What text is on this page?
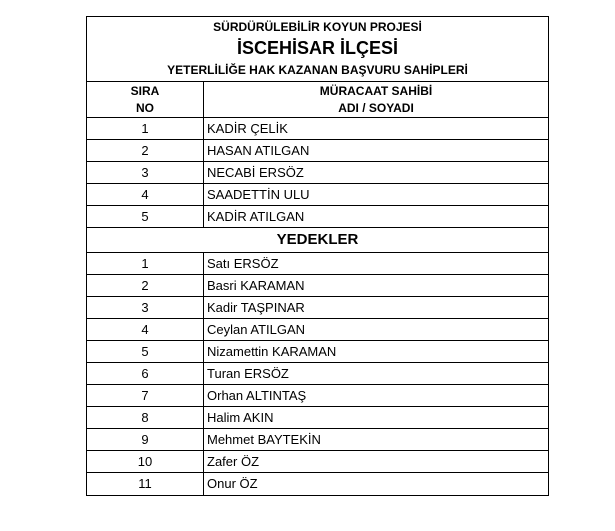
SÜRDÜRÜLEBİLİR KOYUN PROJESİ
İSCEHİSAR İLÇESİ
YETERLİLİĞE HAK KAZANAN BAŞVURU SAHİPLERİ
SIRA
NO
MÜRACAAT SAHİBİ
ADI / SOYADI
1	KADİR ÇELİK
2	HASAN ATILGAN
3	NECABİ ERSÖZ
4	SAADETTİN ULU
5	KADİR ATILGAN
YEDEKLER
1	Satı ERSÖZ
2	Basri KARAMAN
3	Kadir TAŞPINAR
4	Ceylan ATILGAN
5	Nizamettin KARAMAN
6	Turan ERSÖZ
7	Orhan ALTINTAŞ
8	Halim AKIN
9	Mehmet BAYTEKİN
10	Zafer ÖZ
11	Onur ÖZ
